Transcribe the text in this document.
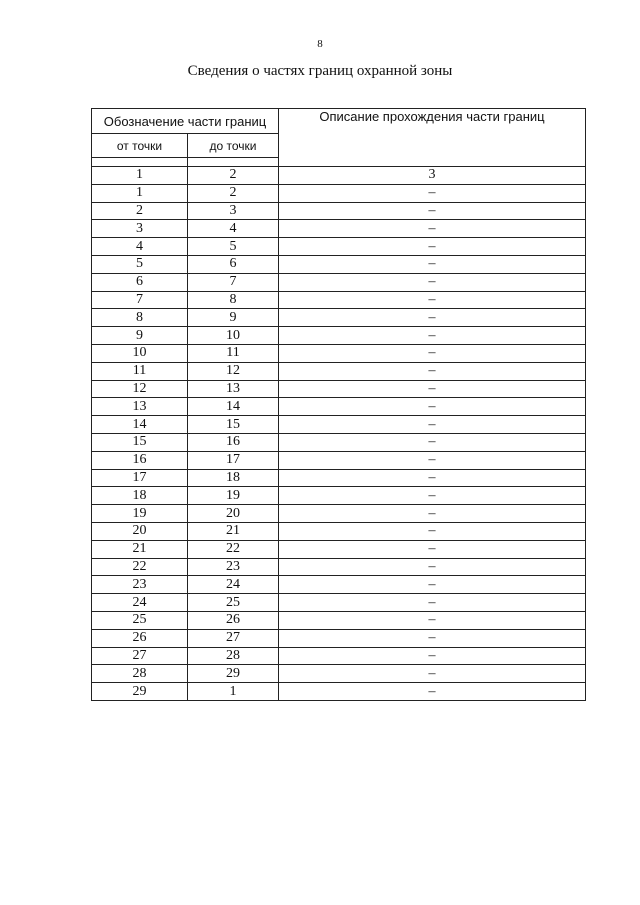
8
Сведения о частях границ охранной зоны
Обозначение части границ		Описание прохождения части границ
от точки	до точки	

1	2	3
1	2	–
2	3	–
3	4	–
4	5	–
5	6	–
6	7	–
7	8	–
8	9	–
9	10	–
10	11	–
11	12	–
12	13	–
13	14	–
14	15	–
15	16	–
16	17	–
17	18	–
18	19	–
19	20	–
20	21	–
21	22	–
22	23	–
23	24	–
24	25	–
25	26	–
26	27	–
27	28	–
28	29	–
29	1	–
